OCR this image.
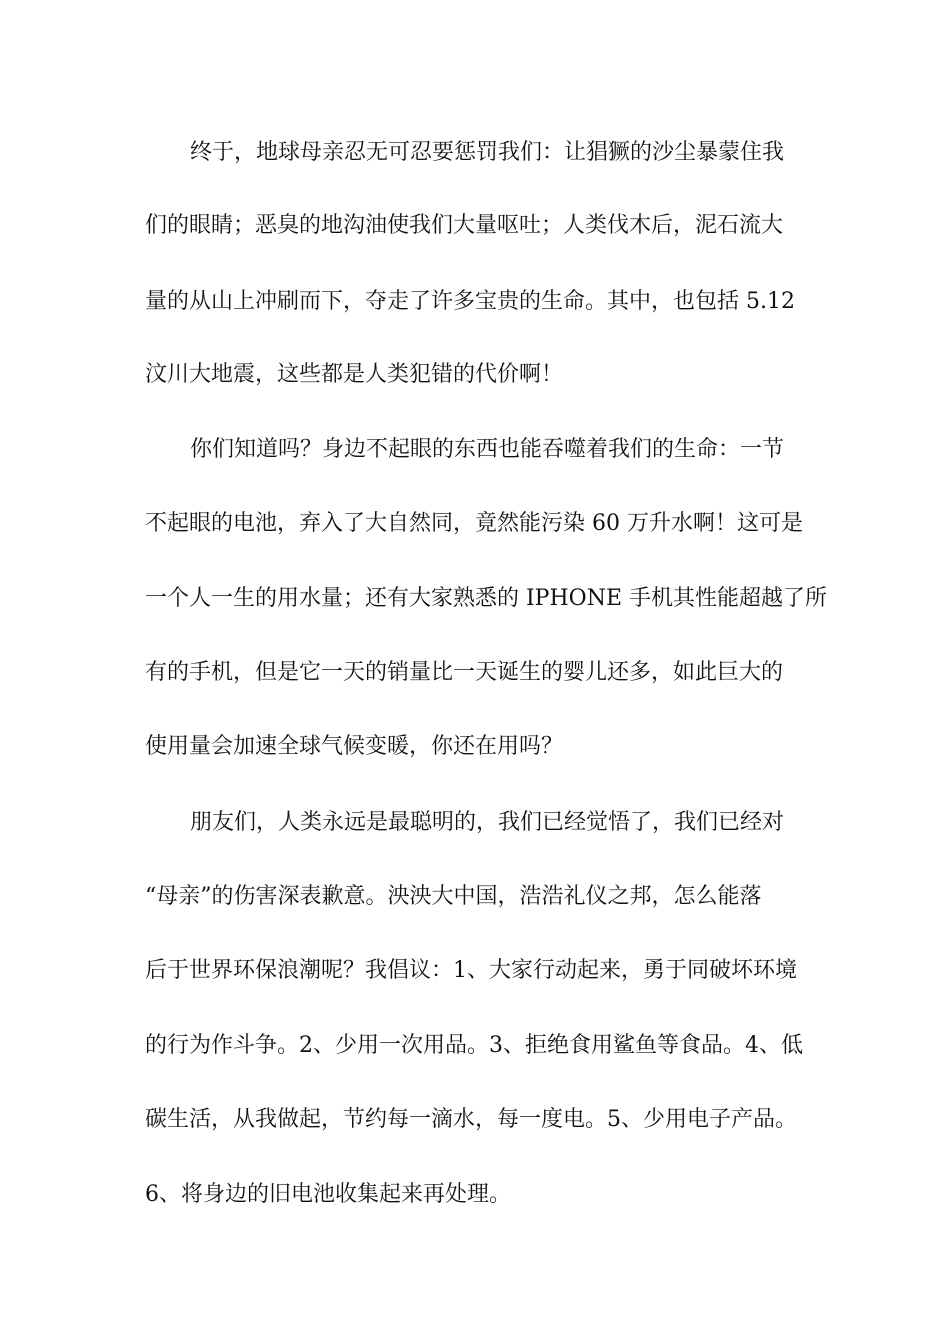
终于，地球母亲忍无可忍要惩罚我们：让猖獗的沙尘暴蒙住我

们的眼睛；恶臭的地沟油使我们大量呕吐；人类伐木后，泥石流大

量的从山上冲刷而下，夺走了许多宝贵的生命。其中，也包括 5.12

汶川大地震，这些都是人类犯错的代价啊！

你们知道吗？身边不起眼的东西也能吞噬着我们的生命：一节

不起眼的电池，弃入了大自然同，竟然能污染 60 万升水啊！这可是

一个人一生的用水量；还有大家熟悉的 IPHONE 手机其性能超越了所

有的手机，但是它一天的销量比一天诞生的婴儿还多，如此巨大的

使用量会加速全球气候变暖，你还在用吗？

朋友们，人类永远是最聪明的，我们已经觉悟了，我们已经对

“母亲”的伤害深表歉意。泱泱大中国，浩浩礼仪之邦，怎么能落

后于世界环保浪潮呢？我倡议：1、大家行动起来，勇于同破坏环境

的行为作斗争。2、少用一次用品。3、拒绝食用鲨鱼等食品。4、低

碳生活，从我做起，节约每一滴水，每一度电。5、少用电子产品。

6、将身边的旧电池收集起来再处理。
